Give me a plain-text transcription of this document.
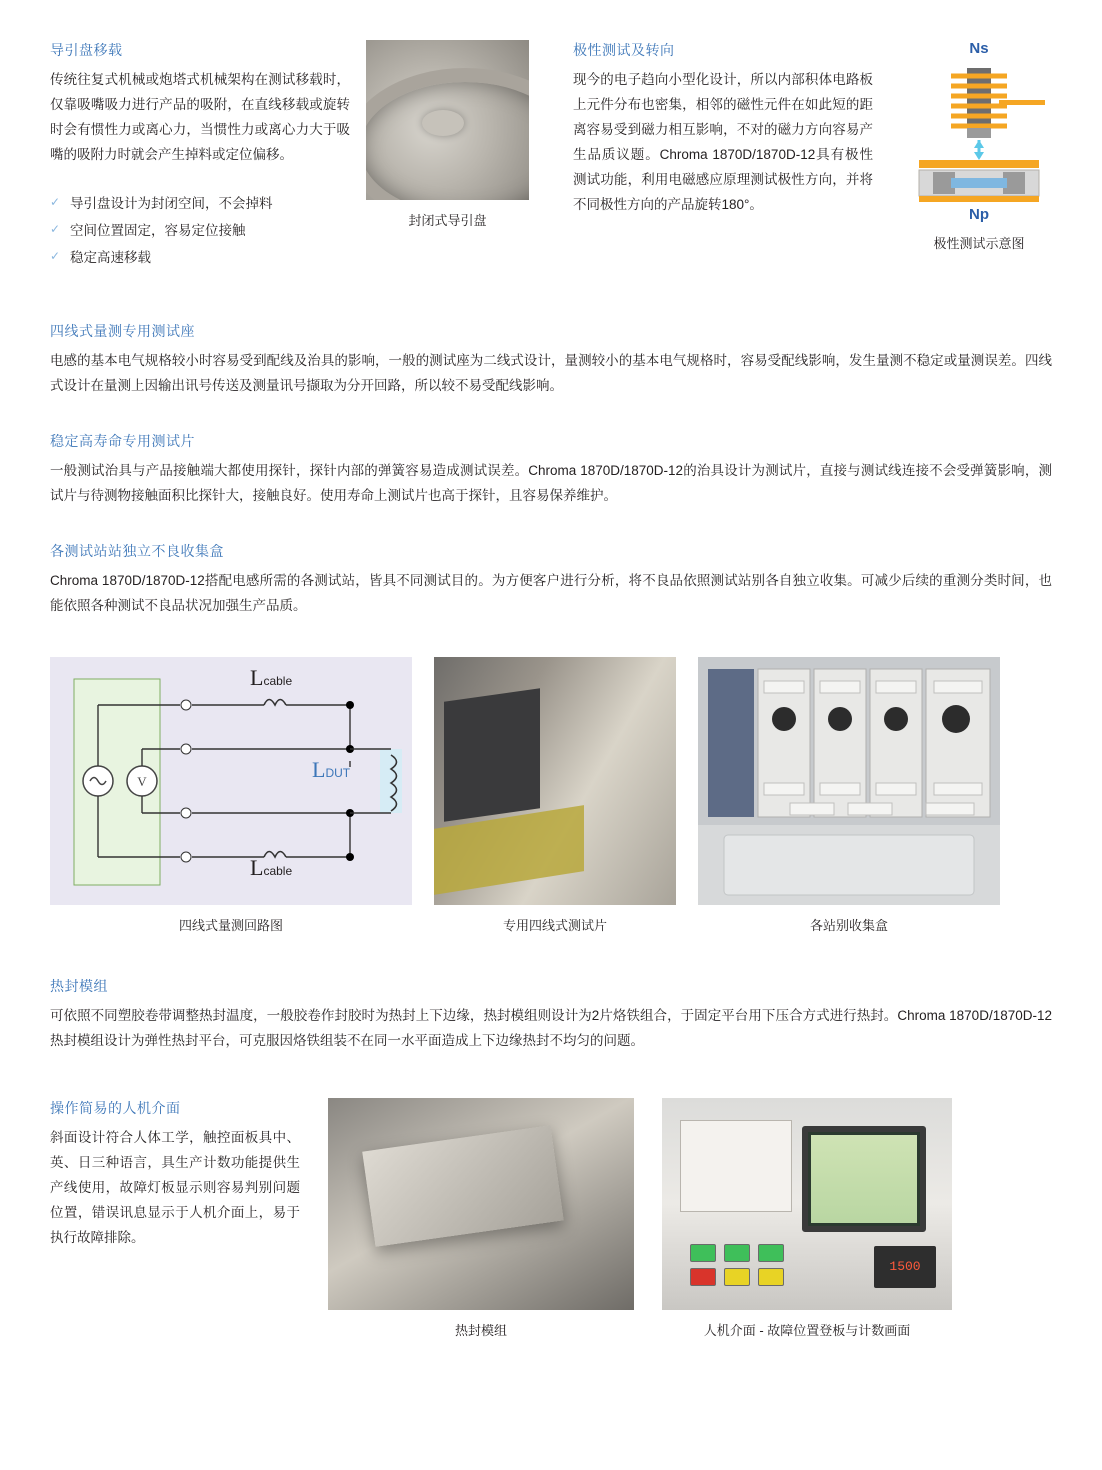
导引盘移载

传统往复式机械或炮塔式机械架构在测试移载时，仅靠吸嘴吸力进行产品的吸附，在直线移载或旋转时会有惯性力或离心力，当惯性力或离心力大于吸嘴的吸附力时就会产生掉料或定位偏移。

✓ 导引盘设计为封闭空间，不会掉料
✓ 空间位置固定，容易定位接触
✓ 稳定高速移载
封闭式导引盘
极性测试及转向

现今的电子趋向小型化设计，所以内部积体电路板上元件分布也密集，相邻的磁性元件在如此短的距离容易受到磁力相互影响，不对的磁力方向容易产生品质议题。Chroma 1870D/1870D-12具有极性测试功能，利用电磁感应原理测试极性方向，并将不同极性方向的产品旋转180°。

Ns
Np
极性测试示意图
四线式量测专用测试座

电感的基本电气规格较小时容易受到配线及治具的影响，一般的测试座为二线式设计，量测较小的基本电气规格时，容易受配线影响，发生量测不稳定或量测误差。四线式设计在量测上因输出讯号传送及测量讯号撷取为分开回路，所以较不易受配线影响。

稳定高寿命专用测试片

一般测试治具与产品接触端大都使用探针，探针内部的弹簧容易造成测试误差。Chroma 1870D/1870D-12的治具设计为测试片，直接与测试线连接不会受弹簧影响，测试片与待测物接触面积比探针大，接触良好。使用寿命上测试片也高于探针，且容易保养维护。

各测试站站独立不良收集盒

Chroma 1870D/1870D-12搭配电感所需的各测试站，皆具不同测试目的。为方便客户进行分析，将不良品依照测试站别各自独立收集。可减少后续的重测分类时间，也能依照各种测试不良品状况加强生产品质。

V
Lcable
Lcable
LDUT
四线式量测回路图	专用四线式测试片	各站别收集盒
热封模组

可依照不同塑胶卷带调整热封温度，一般胶卷作封胶时为热封上下边缘，热封模组则设计为2片烙铁组合，于固定平台用下压合方式进行热封。Chroma 1870D/1870D-12热封模组设计为弹性热封平台，可克服因烙铁组装不在同一水平面造成上下边缘热封不均匀的问题。

操作简易的人机介面

斜面设计符合人体工学，触控面板具中、英、日三种语言，具生产计数功能提供生产线使用，故障灯板显示则容易判别问题位置，错误讯息显示于人机介面上，易于执行故障排除。

热封模组
1500
人机介面 - 故障位置登板与计数画面
